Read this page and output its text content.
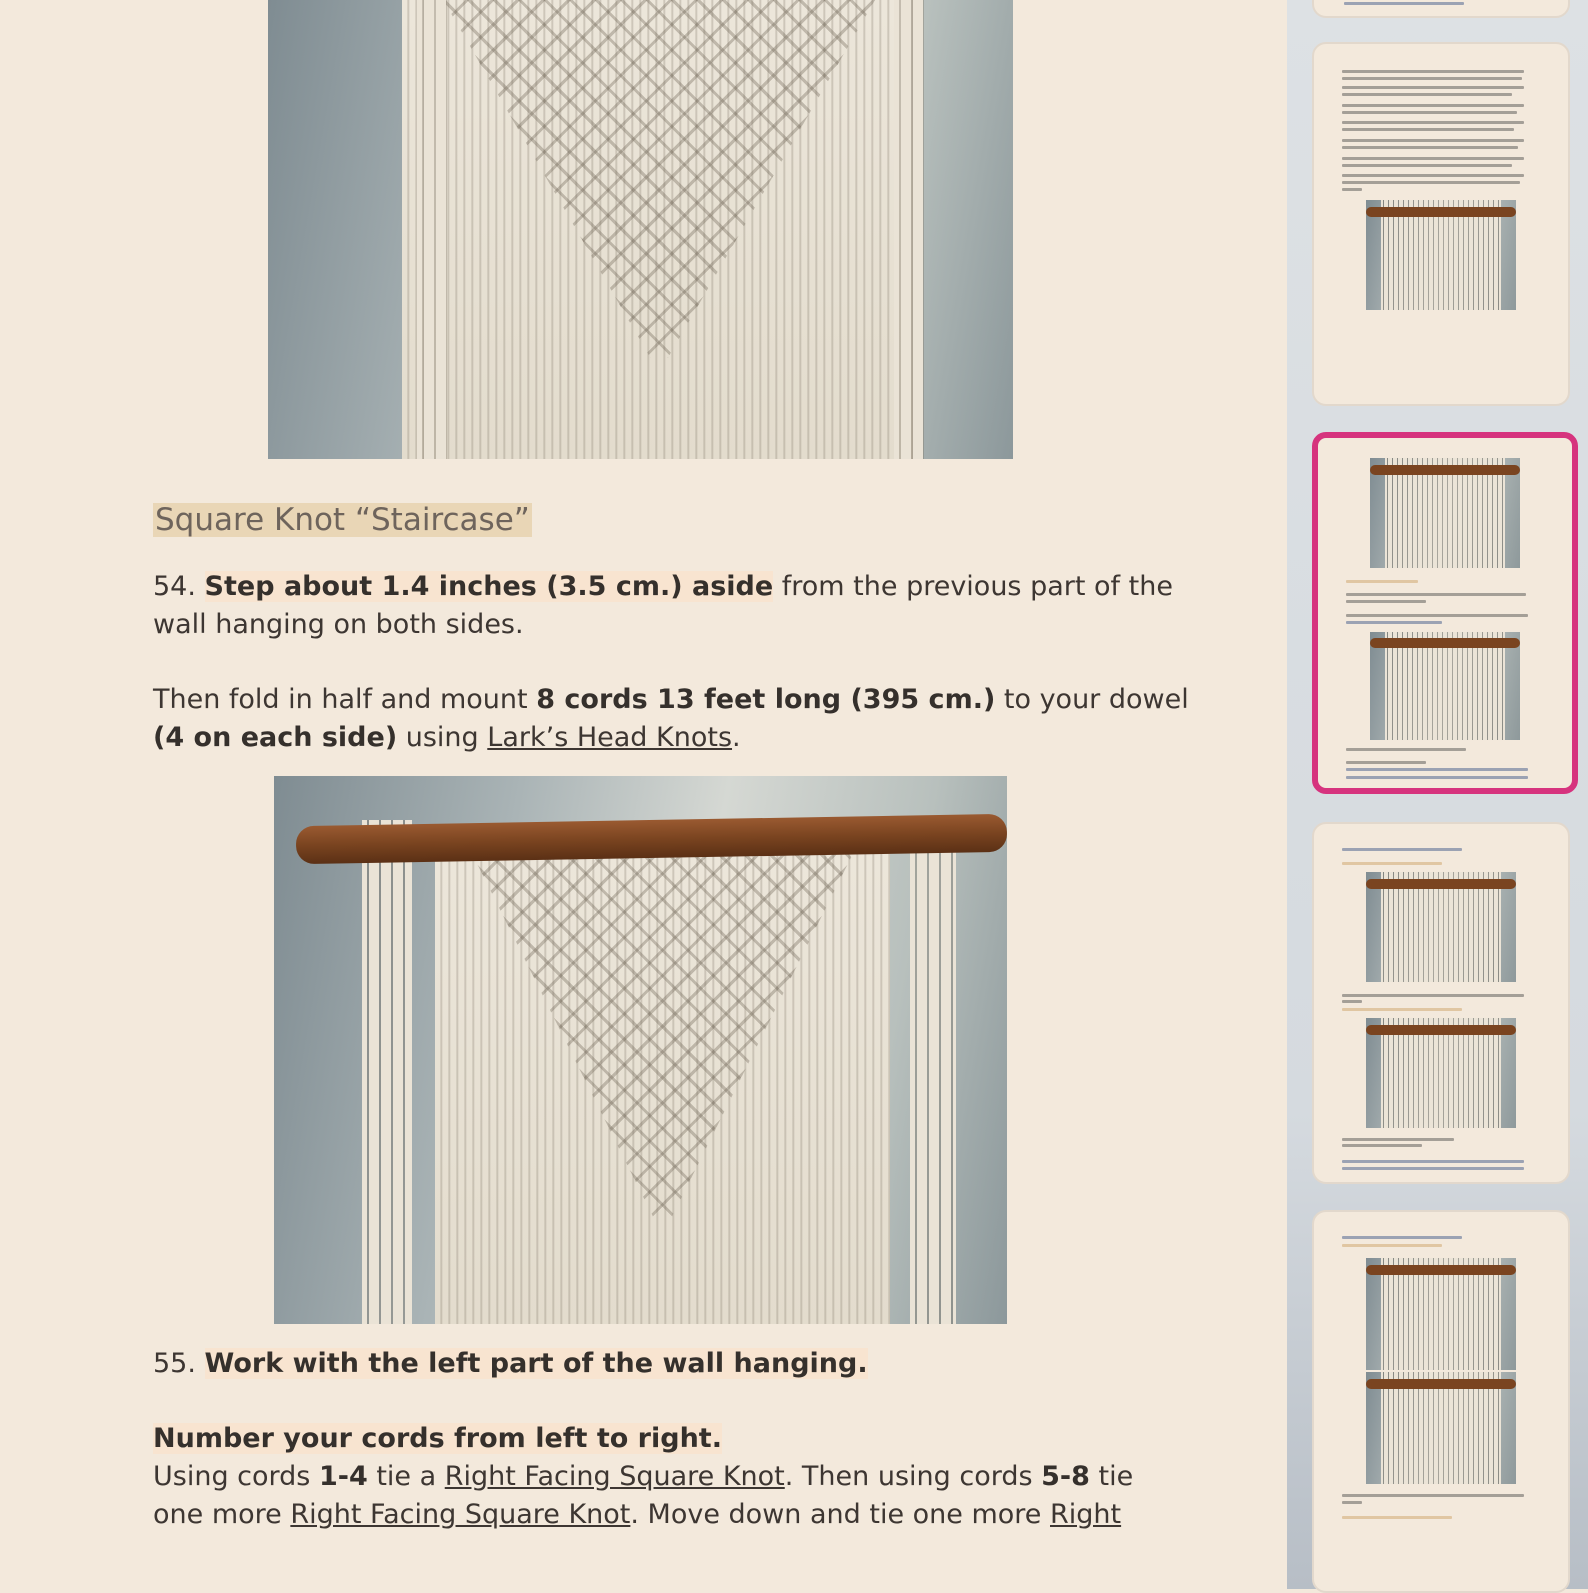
Square Knot “Staircase”
54. Step about 1.4 inches (3.5 cm.) aside from the previous part of the
wall hanging on both sides.
Then fold in half and mount 8 cords 13 feet long (395 cm.) to your dowel
(4 on each side) using Lark’s Head Knots.
55. Work with the left part of the wall hanging.
Number your cords from left to right.
Using cords 1-4 tie a Right Facing Square Knot. Then using cords 5-8 tie
one more Right Facing Square Knot. Move down and tie one more Right
